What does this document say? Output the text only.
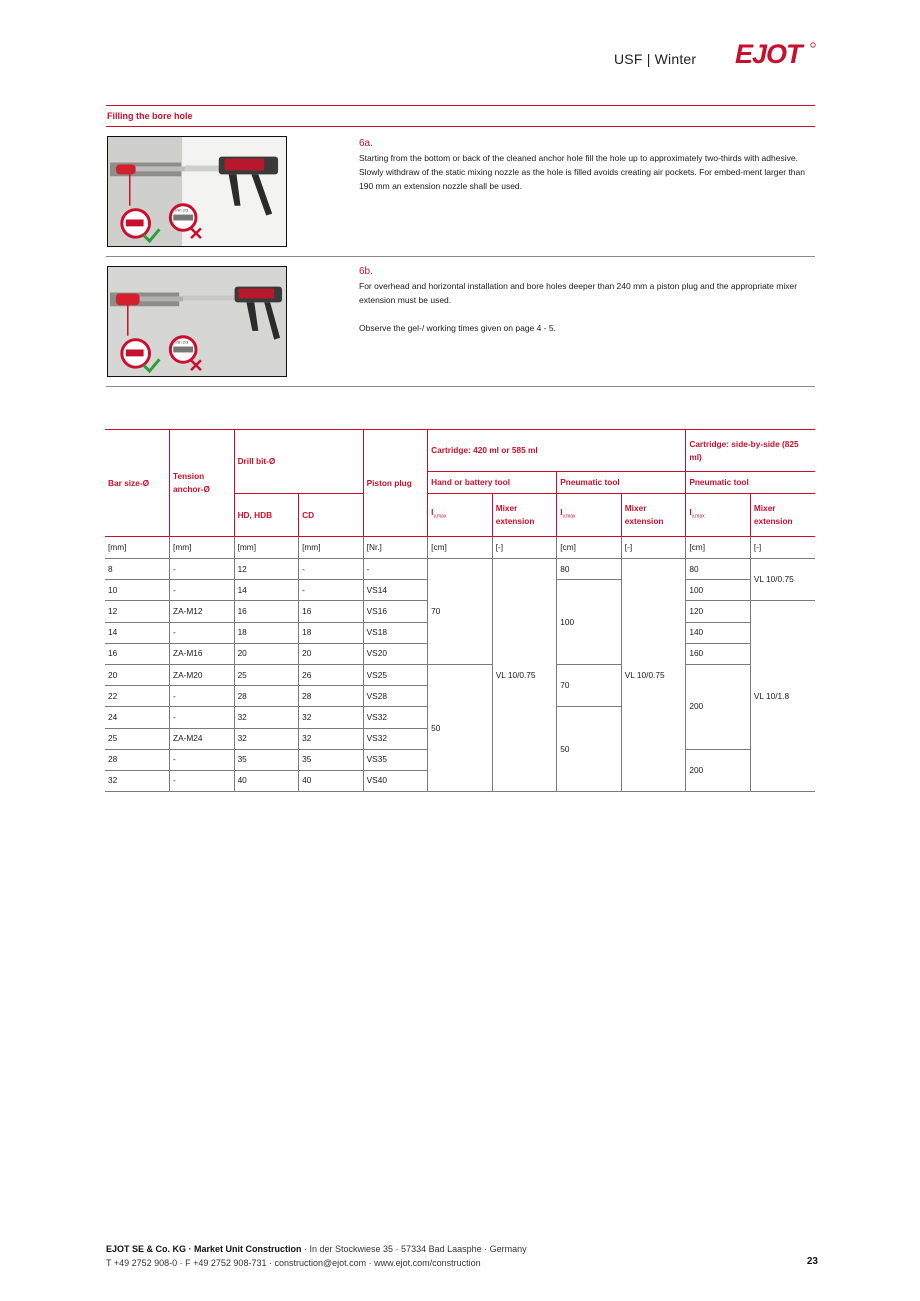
USF | Winter EJOT
Filling the bore hole
min 2/3
6a.

Starting from the bottom or back of the cleaned anchor hole fill the hole up to approximately two-thirds with adhesive. Slowly withdraw of the static mixing nozzle as the hole is filled avoids creating air pockets. For embed-ment larger than 190 mm an extension nozzle shall be used.

min 2/3
6b.

For overhead and horizontal installation and bore holes deeper than 240 mm a piston plug and the appropriate mixer extension must be used.

Observe the gel-/ working times given on page 4 - 5.

Bar size-Ø	Tension anchor-Ø	Drill bit-Ø		Piston plug	Cartridge: 420 ml or 585 ml				Cartridge: side-by-side (825 ml)	
					Hand or battery tool		Pneumatic tool		Pneumatic tool	
		HD, HDB	CD		$l_{v,max}$	Mixer extension	$l_{v,max}$	Mixer extension	$l_{v,max}$	Mixer extension
[mm]	[mm]	[mm]	[mm]	[Nr.]	[cm]	[-]	[cm]	[-]	[cm]	[-]
8	-	12	-	-	70	VL 10/0.75	80	VL 10/0.75	80	VL 10/0.75
10	-	14	-	VS14			100		100	
12	ZA-M12	16	16	VS16					120	VL 10/1.8
14	-	18	18	VS18					140	
16	ZA-M16	20	20	VS20					160	
20	ZA-M20	25	26	VS25	50		70		200	
22	-	28	28	VS28						
24	-	32	32	VS32			50			
25	ZA-M24	32	32	VS32						
28	-	35	35	VS35					200	
32	-	40	40	VS40						
EJOT SE & Co. KG · Market Unit Construction · In der Stockwiese 35 · 57334 Bad Laasphe · Germany
T +49 2752 908-0 · F +49 2752 908-731 · construction@ejot.com · www.ejot.com/construction	23
